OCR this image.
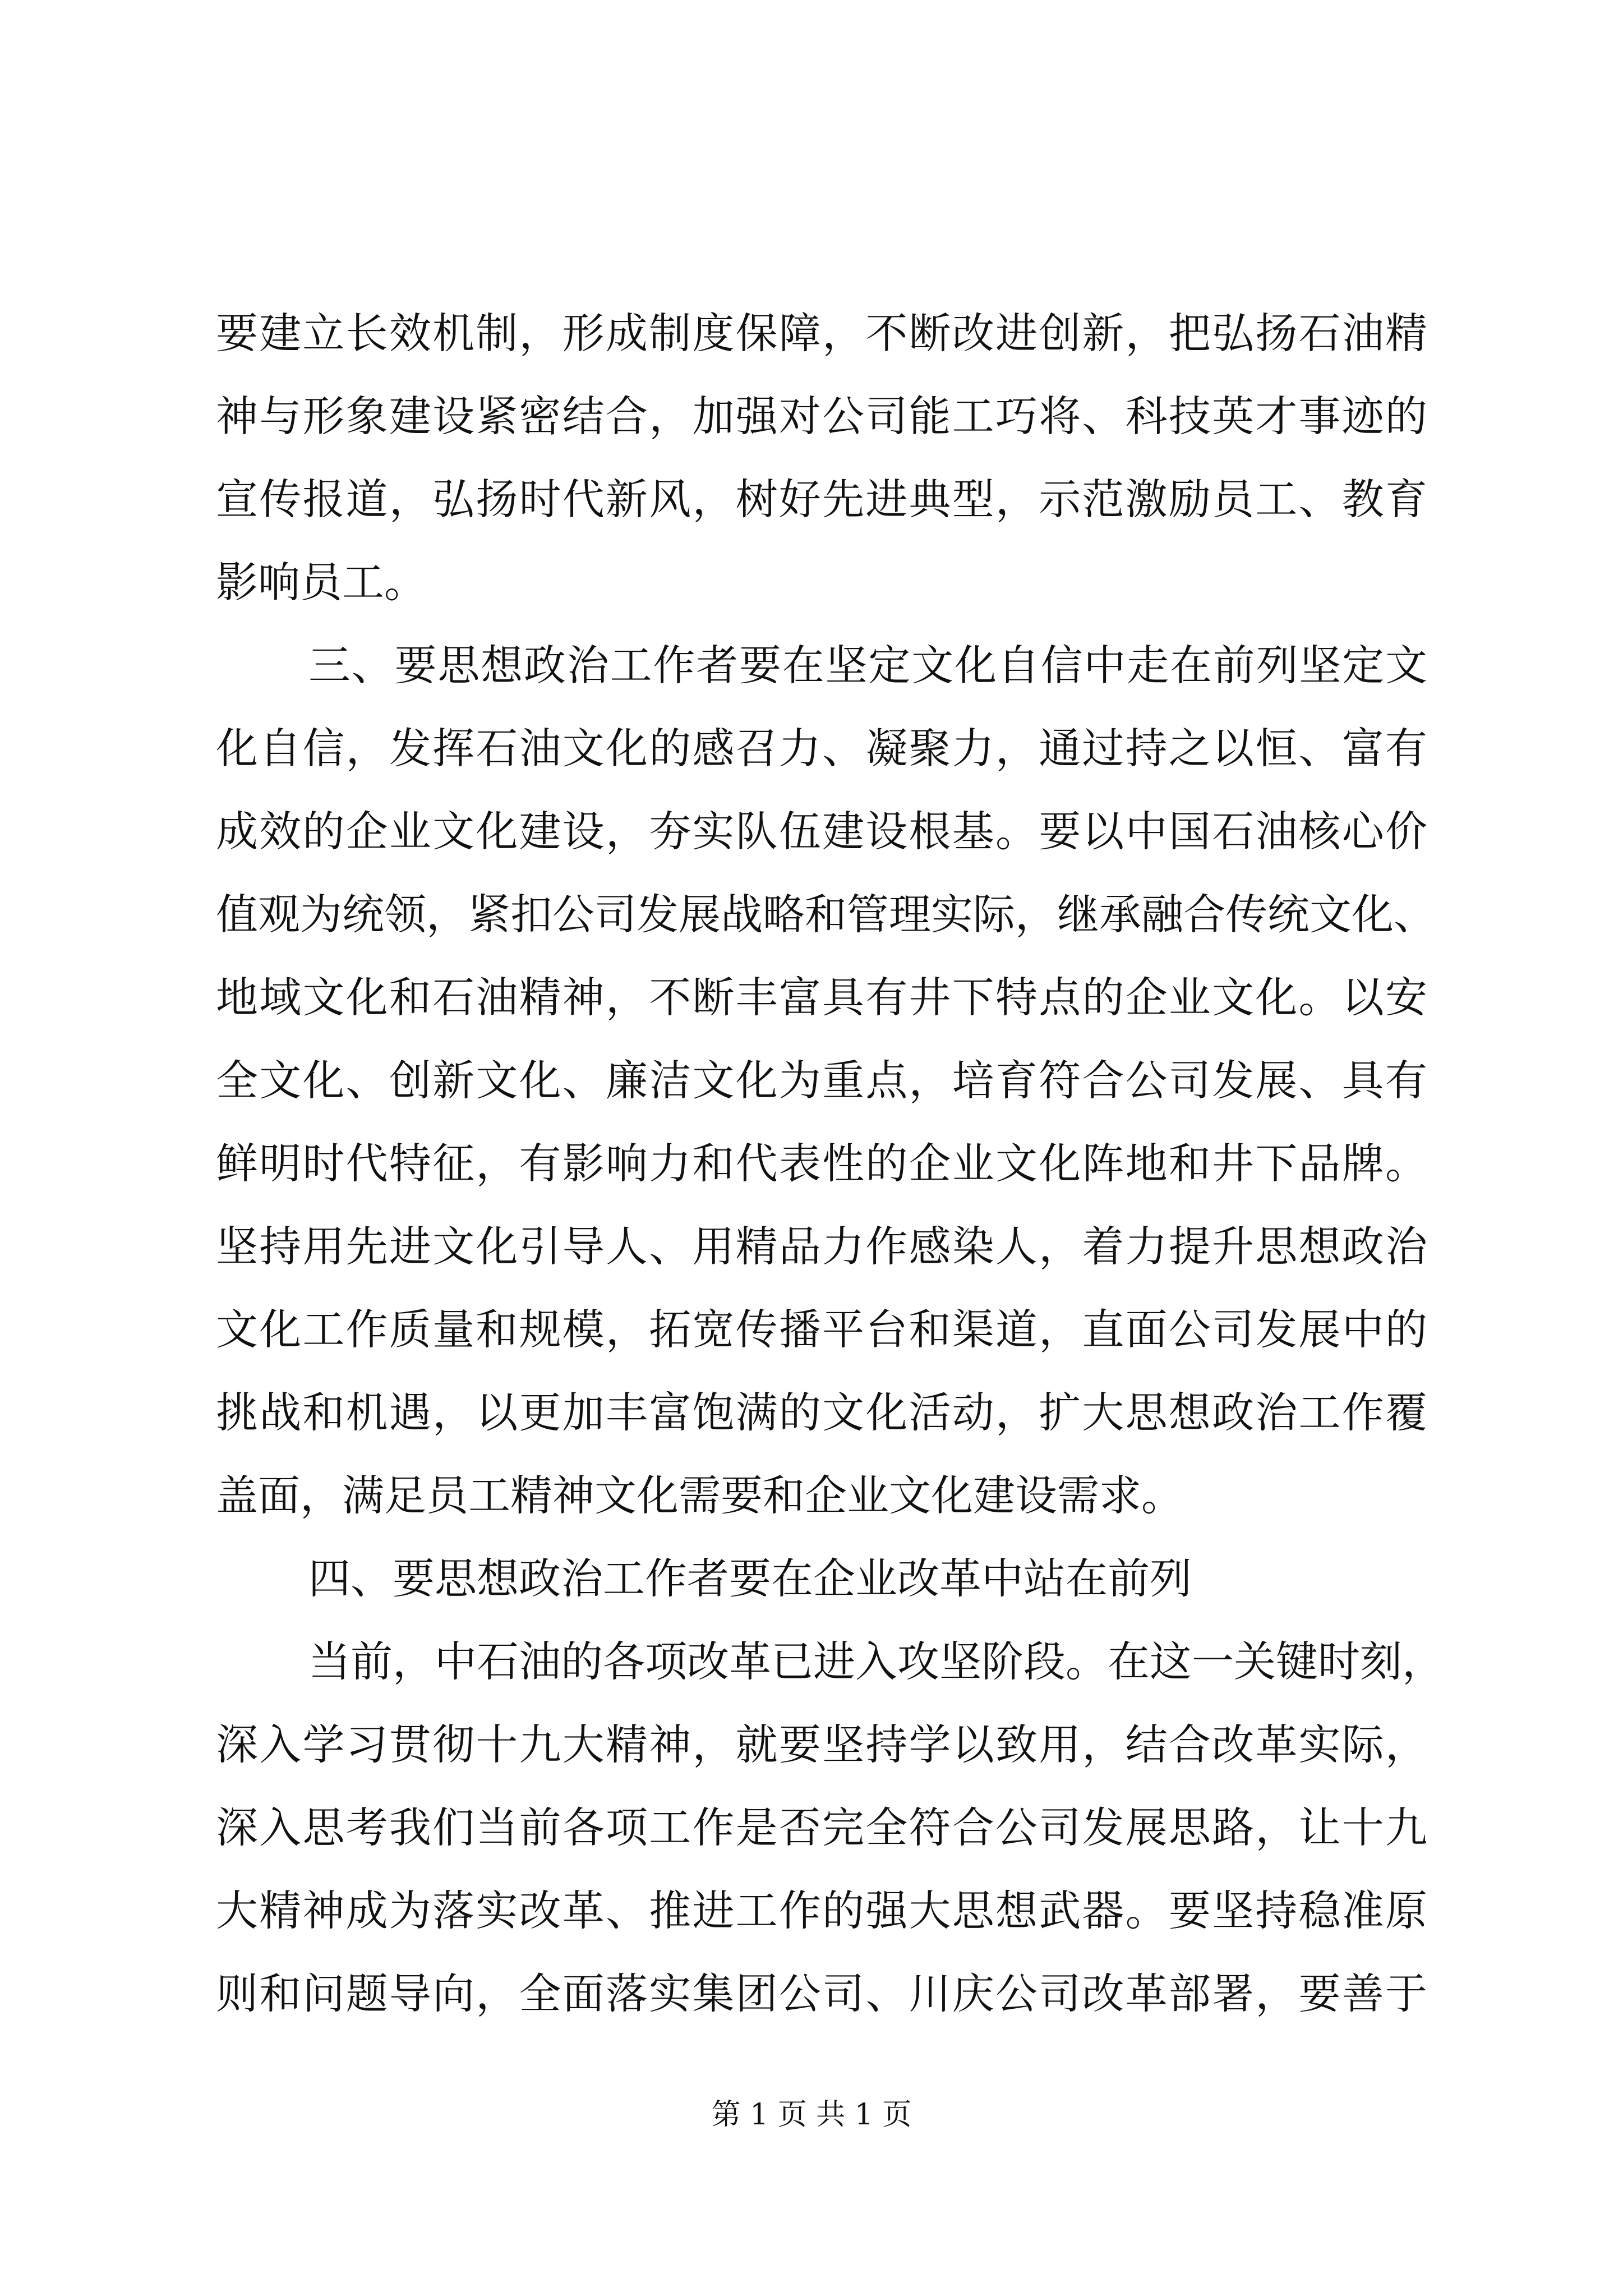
要建立长效机制，形成制度保障，不断改进创新，把弘扬石油精
神与形象建设紧密结合，加强对公司能工巧将、科技英才事迹的
宣传报道，弘扬时代新风，树好先进典型，示范激励员工、教育
影响员工。
三、要思想政治工作者要在坚定文化自信中走在前列坚定文
化自信，发挥石油文化的感召力、凝聚力，通过持之以恒、富有
成效的企业文化建设，夯实队伍建设根基。要以中国石油核心价
值观为统领，紧扣公司发展战略和管理实际，继承融合传统文化、
地域文化和石油精神，不断丰富具有井下特点的企业文化。以安
全文化、创新文化、廉洁文化为重点，培育符合公司发展、具有
鲜明时代特征，有影响力和代表性的企业文化阵地和井下品牌。
坚持用先进文化引导人、用精品力作感染人，着力提升思想政治
文化工作质量和规模，拓宽传播平台和渠道，直面公司发展中的
挑战和机遇，以更加丰富饱满的文化活动，扩大思想政治工作覆
盖面，满足员工精神文化需要和企业文化建设需求。
四、要思想政治工作者要在企业改革中站在前列
当前，中石油的各项改革已进入攻坚阶段。在这一关键时刻，
深入学习贯彻十九大精神，就要坚持学以致用，结合改革实际，
深入思考我们当前各项工作是否完全符合公司发展思路，让十九
大精神成为落实改革、推进工作的强大思想武器。要坚持稳准原
则和问题导向，全面落实集团公司、川庆公司改革部署，要善于
第 1 页 共 1 页
